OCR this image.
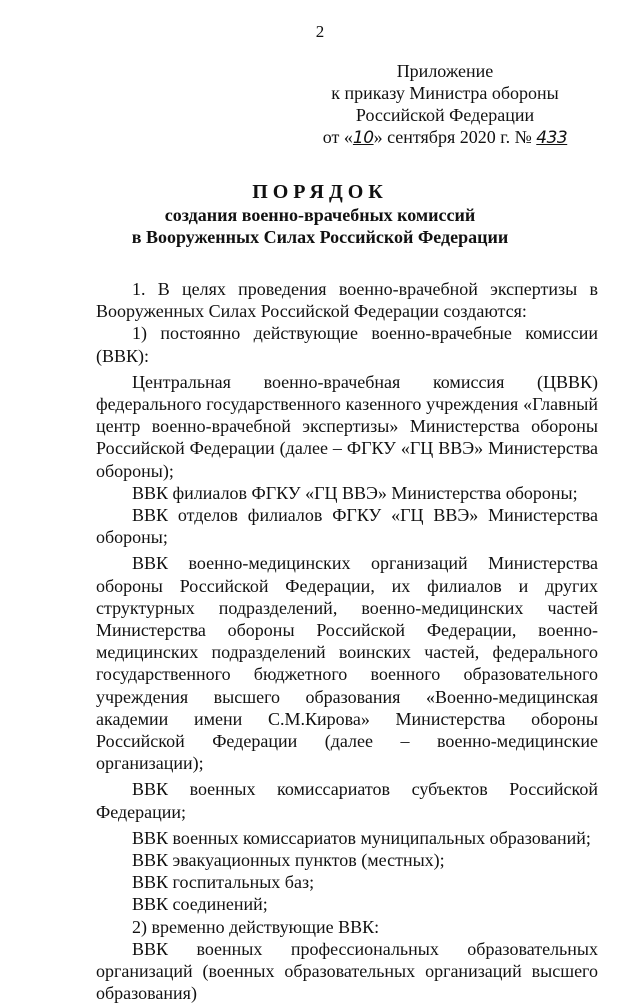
2
Приложение
к приказу Министра обороны
Российской Федерации
от «10» сентября 2020 г. № 433
ПОРЯДОК
создания военно-врачебных комиссий
в Вооруженных Силах Российской Федерации

1. В целях проведения военно-врачебной экспертизы в Вооруженных Силах Российской Федерации создаются:

1) постоянно действующие военно-врачебные комиссии (ВВК):

Центральная военно-врачебная комиссия (ЦВВК) федерального государственного казенного учреждения «Главный центр военно-врачебной экспертизы» Министерства обороны Российской Федерации (далее – ФГКУ «ГЦ ВВЭ» Министерства обороны);

ВВК филиалов ФГКУ «ГЦ ВВЭ» Министерства обороны;

ВВК отделов филиалов ФГКУ «ГЦ ВВЭ» Министерства обороны;

ВВК военно-медицинских организаций Министерства обороны Российской Федерации, их филиалов и других структурных подразделений, военно-медицинских частей Министерства обороны Российской Федерации, военно-медицинских подразделений воинских частей, федерального государственного бюджетного военного образовательного учреждения высшего образования «Военно-медицинская академии имени С.М.Кирова» Министерства обороны Российской Федерации (далее – военно-медицинские организации);

ВВК военных комиссариатов субъектов Российской Федерации;

ВВК военных комиссариатов муниципальных образований;

ВВК эвакуационных пунктов (местных);

ВВК госпитальных баз;

ВВК соединений;

2) временно действующие ВВК:

ВВК военных профессиональных образовательных организаций (военных образовательных организаций высшего образования)
